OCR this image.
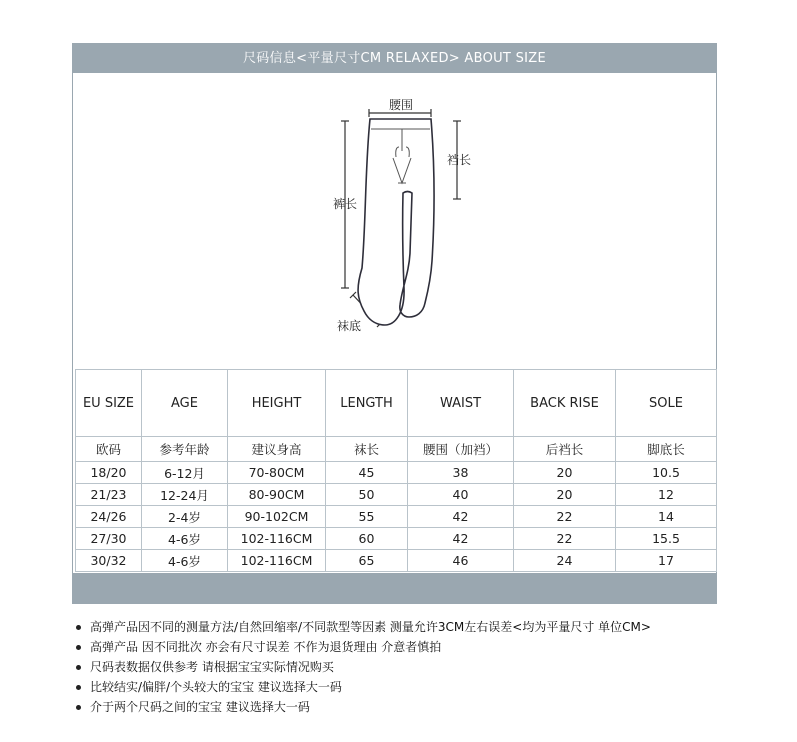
尺码信息<平量尺寸CM RELAXED> ABOUT SIZE
腰围
裆长
裤长
袜底
EU SIZE	AGE	HEIGHT	LENGTH	WAIST	BACK RISE	SOLE
欧码	参考年龄	建议身高	袜长	腰围（加裆）	后裆长	脚底长
18/20	6-12月	70-80CM	45	38	20	10.5
21/23	12-24月	80-90CM	50	40	20	12
24/26	2-4岁	90-102CM	55	42	22	14
27/30	4-6岁	102-116CM	60	42	22	15.5
30/32	4-6岁	102-116CM	65	46	24	17
高弹产品因不同的测量方法/自然回缩率/不同款型等因素 测量允许3CM左右误差<均为平量尺寸 单位CM>
高弹产品 因不同批次 亦会有尺寸误差 不作为退货理由 介意者慎拍
尺码表数据仅供参考 请根据宝宝实际情况购买
比较结实/偏胖/个头较大的宝宝 建议选择大一码
介于两个尺码之间的宝宝 建议选择大一码
